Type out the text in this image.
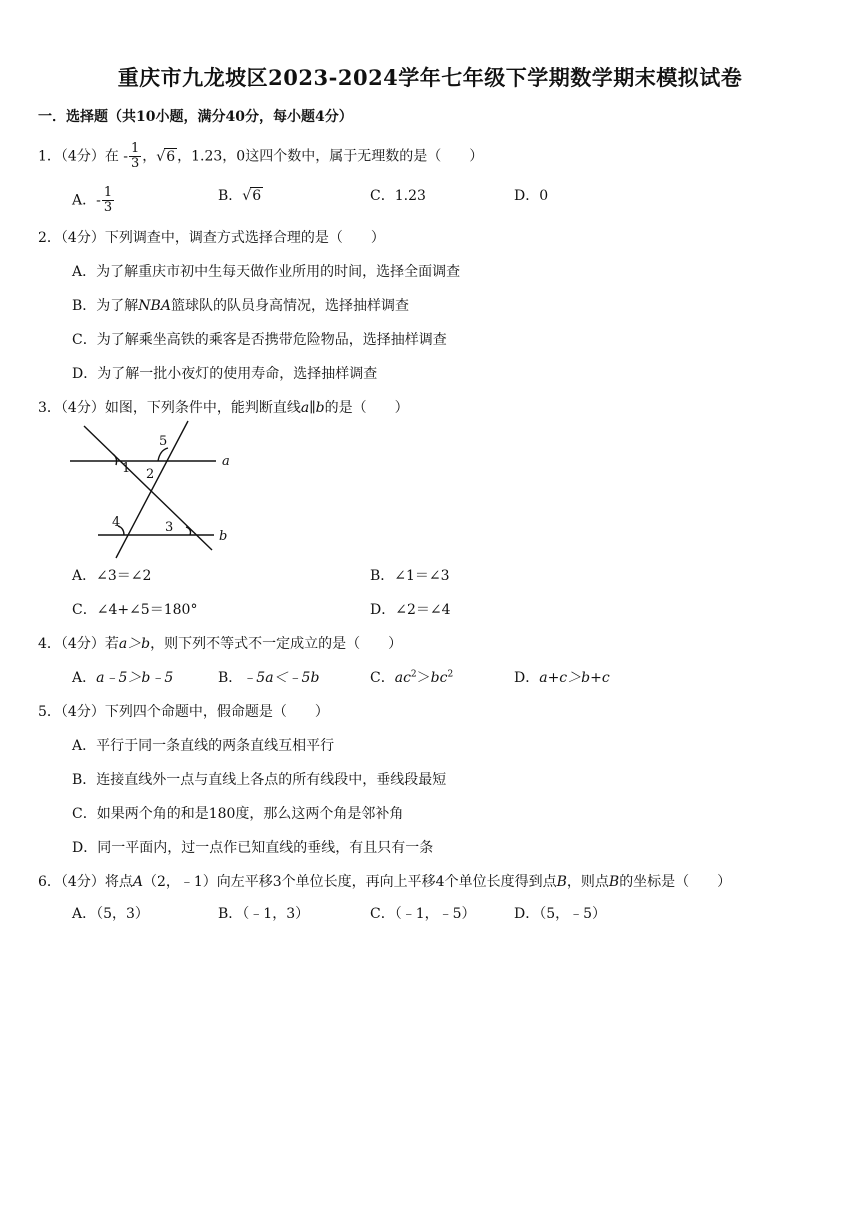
重庆市九龙坡区2023-2024学年七年级下学期数学期末模拟试卷
一．选择题（共10小题，满分40分，每小题4分）
1．（4分）在 - $\frac{1}{3}$ ，√6 ，1.23，0这四个数中，属于无理数的是（　　）
A．- $\frac{1}{3}$	B．√6	C．1.23	D．0
2．（4分）下列调查中，调查方式选择合理的是（　　）
A．为了解重庆市初中生每天做作业所用的时间，选择全面调查
B．为了解NBA篮球队的队员身高情况，选择抽样调查
C．为了解乘坐高铁的乘客是否携带危险物品，选择抽样调查
D．为了解一批小夜灯的使用寿命，选择抽样调查
3．（4分）如图，下列条件中，能判断直线a∥b的是（　　）
1 2
3
4
5
a
b
A．∠3＝∠2	B．∠1＝∠3
C．∠4+∠5＝180°	D．∠2＝∠4
4．（4分）若a＞b，则下列不等式不一定成立的是（　　）
A．a﹣5＞b﹣5	B．﹣5a＜﹣5b	C．$ac^2>bc^2$	D．a+c＞b+c
5．（4分）下列四个命题中，假命题是（　　）
A．平行于同一条直线的两条直线互相平行
B．连接直线外一点与直线上各点的所有线段中，垂线段最短
C．如果两个角的和是180度，那么这两个角是邻补角
D．同一平面内，过一点作已知直线的垂线，有且只有一条
6．（4分）将点A（2，﹣1）向左平移3个单位长度，再向上平移4个单位长度得到点B，则点B的坐标是（　　）
A．（5，3）	B．（﹣1，3）	C．（﹣1，﹣5）	D．（5，﹣5）
